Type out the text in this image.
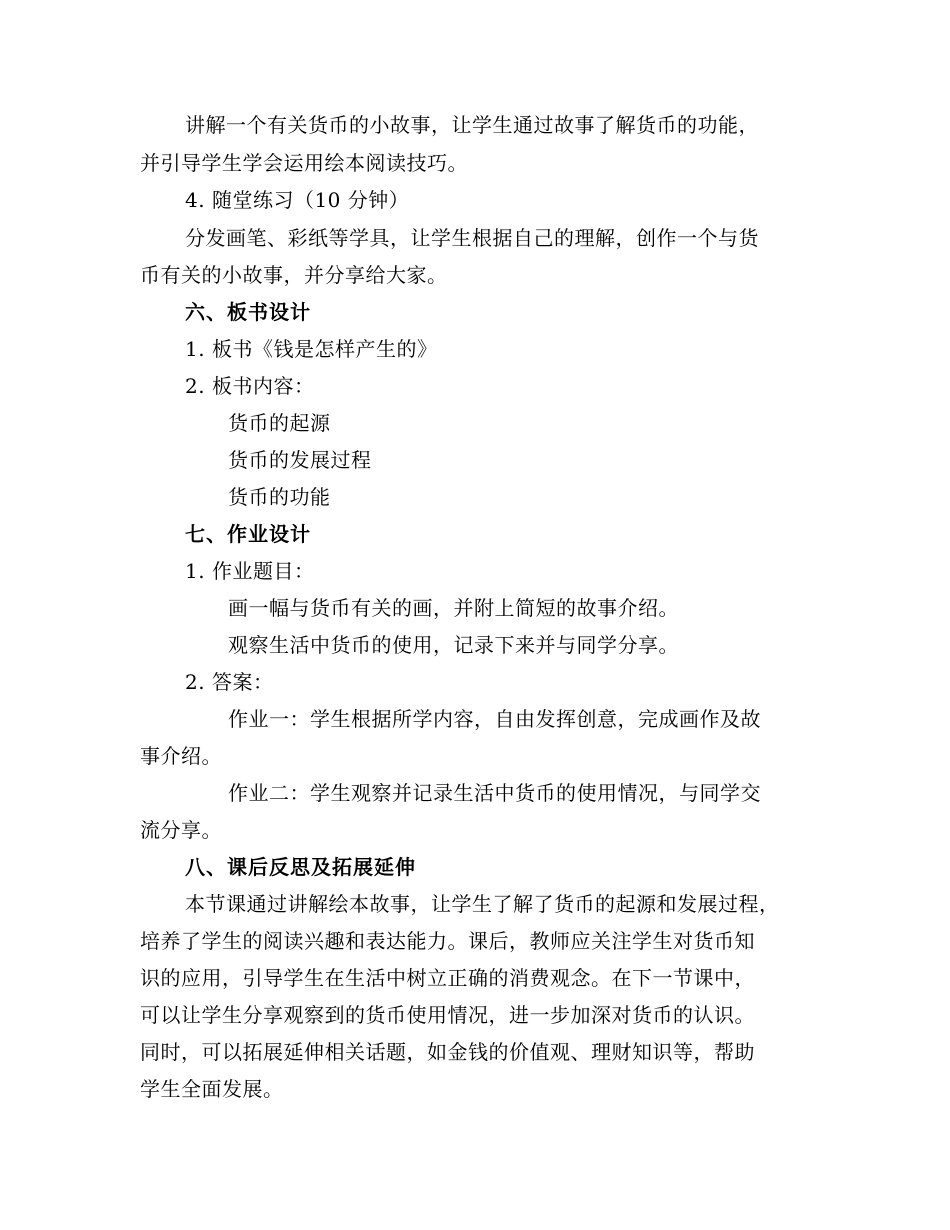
讲解一个有关货币的小故事，让学生通过故事了解货币的功能，
并引导学生学会运用绘本阅读技巧。
4. 随堂练习（10 分钟）
分发画笔、彩纸等学具，让学生根据自己的理解，创作一个与货
币有关的小故事，并分享给大家。
六、板书设计
1. 板书《钱是怎样产生的》
2. 板书内容：
货币的起源
货币的发展过程
货币的功能
七、作业设计
1. 作业题目：
画一幅与货币有关的画，并附上简短的故事介绍。
观察生活中货币的使用，记录下来并与同学分享。
2. 答案：
作业一：学生根据所学内容，自由发挥创意，完成画作及故
事介绍。
作业二：学生观察并记录生活中货币的使用情况，与同学交
流分享。
八、课后反思及拓展延伸
本节课通过讲解绘本故事，让学生了解了货币的起源和发展过程，
培养了学生的阅读兴趣和表达能力。课后，教师应关注学生对货币知
识的应用，引导学生在生活中树立正确的消费观念。在下一节课中，
可以让学生分享观察到的货币使用情况，进一步加深对货币的认识。
同时，可以拓展延伸相关话题，如金钱的价值观、理财知识等，帮助
学生全面发展。
